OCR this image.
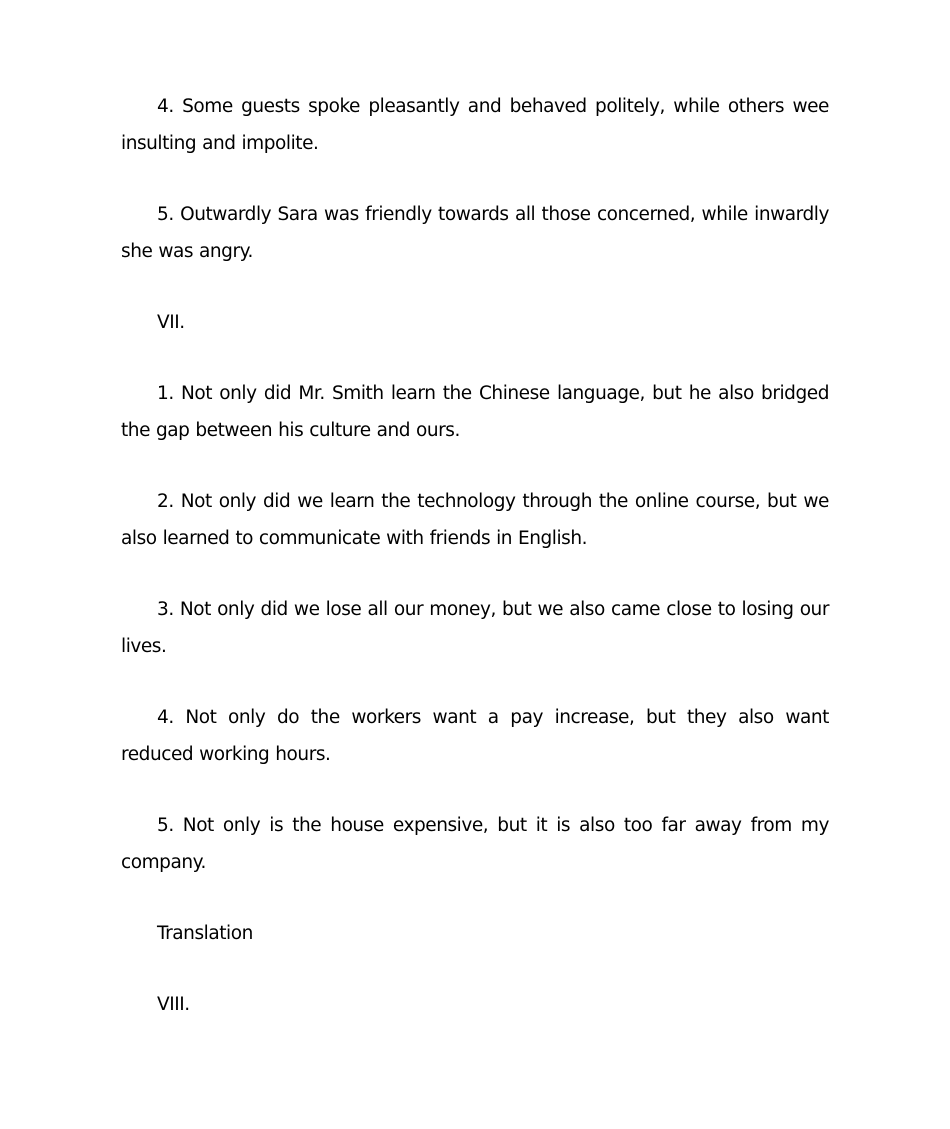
4. Some guests spoke pleasantly and behaved politely, while others wee insulting and impolite.

5. Outwardly Sara was friendly towards all those concerned, while inwardly she was angry.

VII.

1. Not only did Mr. Smith learn the Chinese language, but he also bridged the gap between his culture and ours.

2. Not only did we learn the technology through the online course, but we also learned to communicate with friends in English.

3. Not only did we lose all our money, but we also came close to losing our lives.

4. Not only do the workers want a pay increase, but they also want reduced working hours.

5. Not only is the house expensive, but it is also too far away from my company.

Translation

VIII.
